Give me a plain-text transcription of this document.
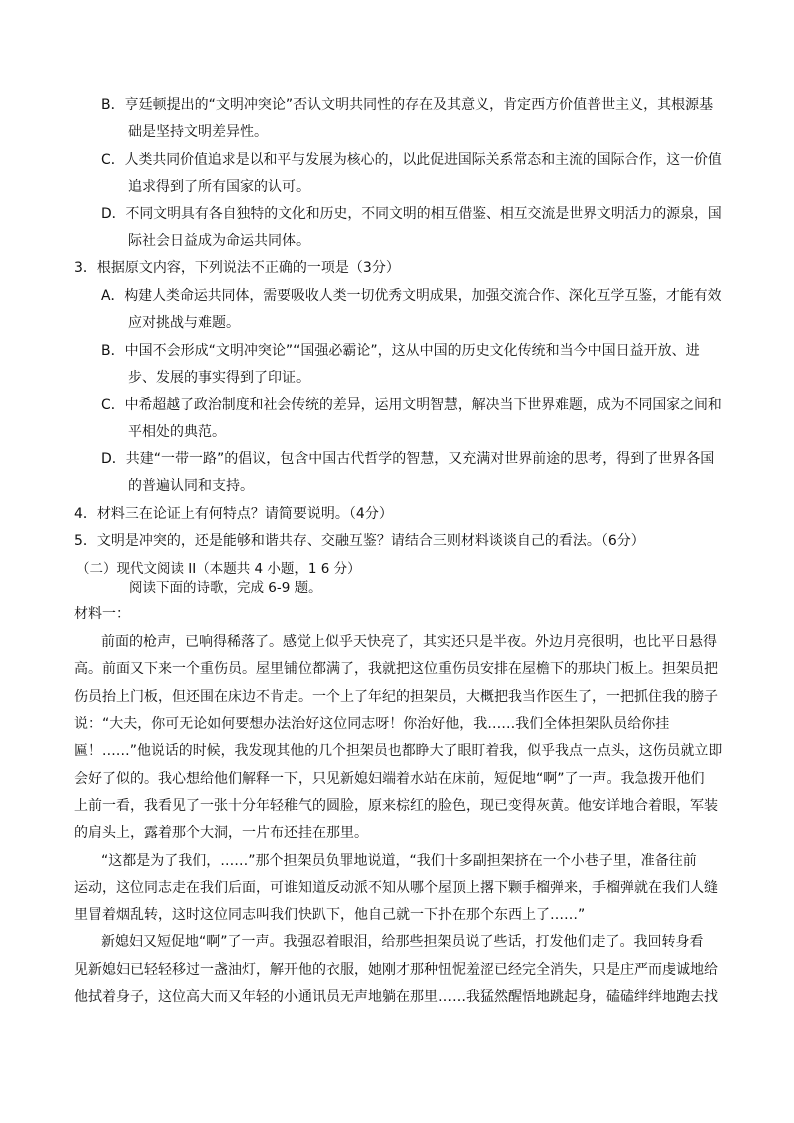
B．亨廷顿提出的“文明冲突论”否认文明共同性的存在及其意义，肯定西方价值普世主义，其根源基

础是坚持文明差异性。

C．人类共同价值追求是以和平与发展为核心的，以此促进国际关系常态和主流的国际合作，这一价值

追求得到了所有国家的认可。

D．不同文明具有各自独特的文化和历史，不同文明的相互借鉴、相互交流是世界文明活力的源泉，国

际社会日益成为命运共同体。

3．根据原文内容，下列说法不正确的一项是（3分）

A．构建人类命运共同体，需要吸收人类一切优秀文明成果，加强交流合作、深化互学互鉴，才能有效

应对挑战与难题。

B．中国不会形成“文明冲突论”“国强必霸论”，这从中国的历史文化传统和当今中国日益开放、进

步、发展的事实得到了印证。

C．中希超越了政治制度和社会传统的差异，运用文明智慧，解决当下世界难题，成为不同国家之间和

平相处的典范。

D．共建“一带一路”的倡议，包含中国古代哲学的智慧，又充满对世界前途的思考，得到了世界各国

的普遍认同和支持。

4．材料三在论证上有何特点？请简要说明。（4分）

5．文明是冲突的，还是能够和谐共存、交融互鉴？请结合三则材料谈谈自己的看法。（6分）

（二）现代文阅读 II（本题共 4 小题，1 6 分）

阅读下面的诗歌，完成 6-9 题。

材料一：

前面的枪声，已响得稀落了。感觉上似乎天快亮了，其实还只是半夜。外边月亮很明，也比平日悬得

高。前面又下来一个重伤员。屋里铺位都满了，我就把这位重伤员安排在屋檐下的那块门板上。担架员把

伤员抬上门板，但还围在床边不肯走。一个上了年纪的担架员，大概把我当作医生了，一把抓住我的膀子

说：“大夫，你可无论如何要想办法治好这位同志呀！你治好他，我……我们全体担架队员给你挂

匾！……”他说话的时候，我发现其他的几个担架员也都睁大了眼盯着我，似乎我点一点头，这伤员就立即

会好了似的。我心想给他们解释一下，只见新媳妇端着水站在床前，短促地“啊”了一声。我急拨开他们

上前一看，我看见了一张十分年轻稚气的圆脸，原来棕红的脸色，现已变得灰黄。他安详地合着眼，军装

的肩头上，露着那个大洞，一片布还挂在那里。

“这都是为了我们，……”那个担架员负罪地说道，“我们十多副担架挤在一个小巷子里，准备往前

运动，这位同志走在我们后面，可谁知道反动派不知从哪个屋顶上撂下颗手榴弹来，手榴弹就在我们人缝

里冒着烟乱转，这时这位同志叫我们快趴下，他自己就一下扑在那个东西上了……”

新媳妇又短促地“啊”了一声。我强忍着眼泪，给那些担架员说了些话，打发他们走了。我回转身看

见新媳妇已轻轻移过一盏油灯，解开他的衣服，她刚才那种忸怩羞涩已经完全消失，只是庄严而虔诚地给

他拭着身子，这位高大而又年轻的小通讯员无声地躺在那里……我猛然醒悟地跳起身，磕磕绊绊地跑去找
